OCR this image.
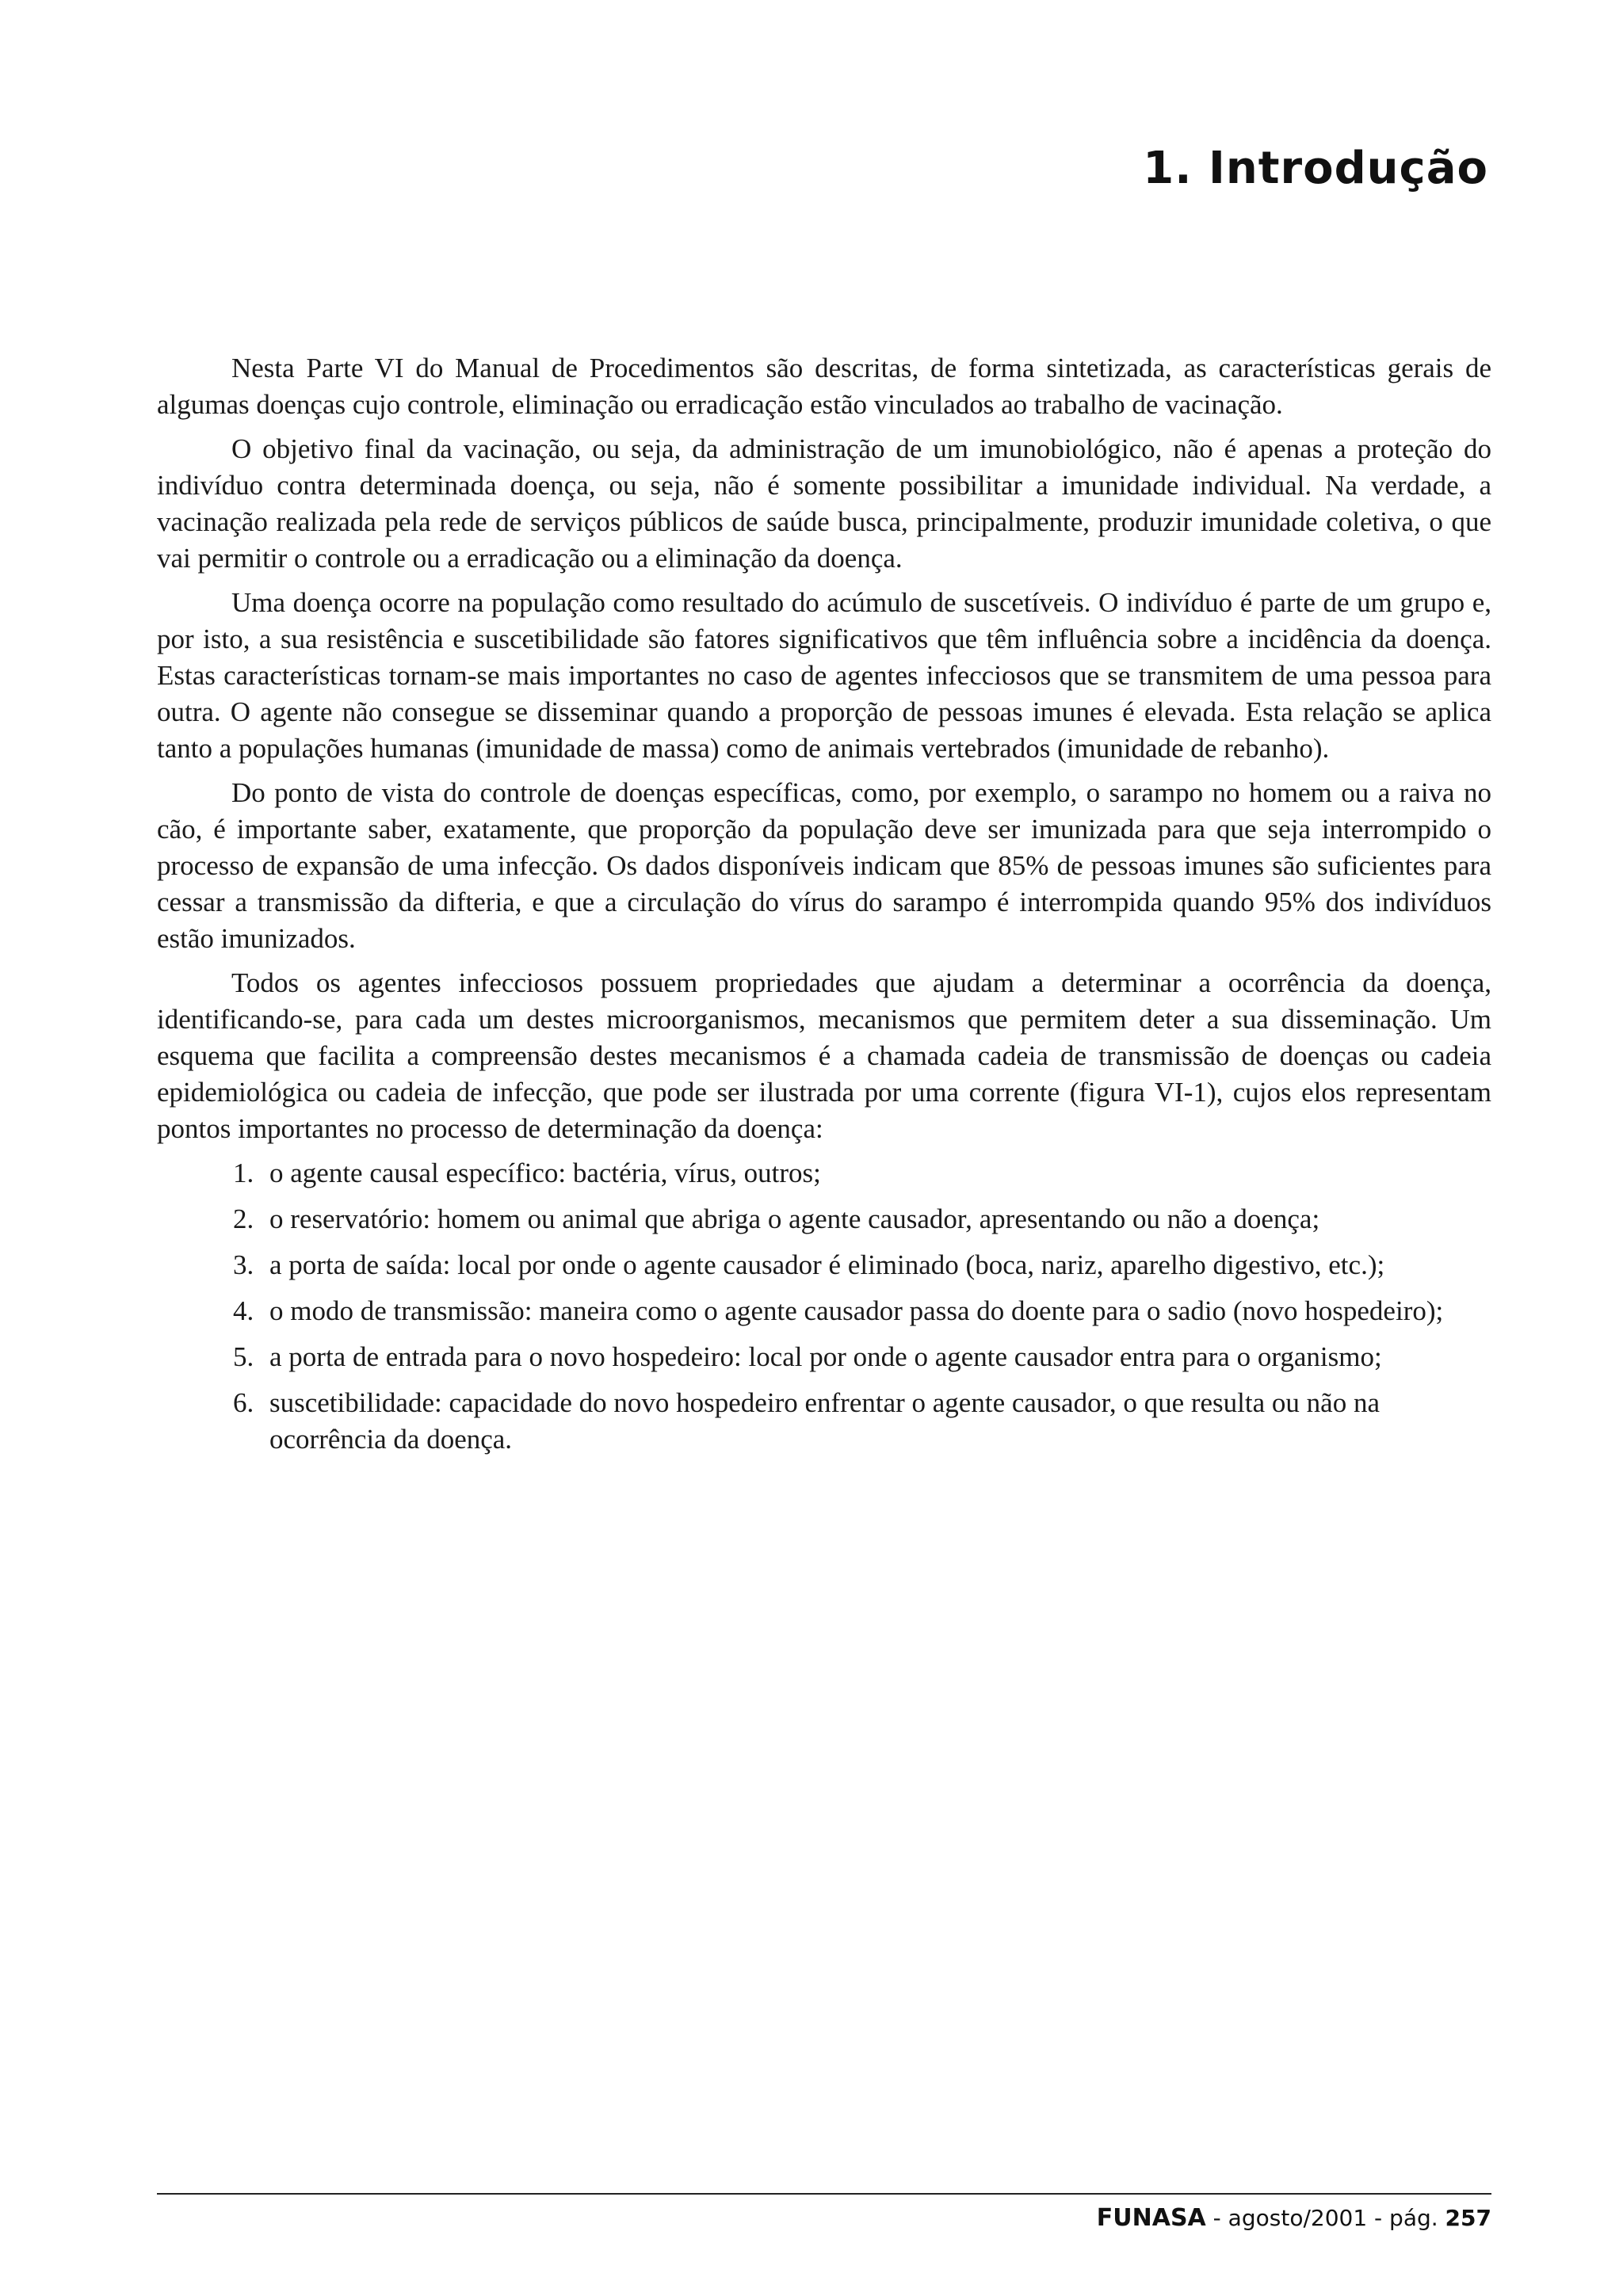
1. Introdução

Nesta Parte VI do Manual de Procedimentos são descritas, de forma sintetizada, as características gerais de algumas doenças cujo controle, eliminação ou erradicação estão vinculados ao trabalho de vacinação.

O objetivo final da vacinação, ou seja, da administração de um imunobiológico, não é apenas a proteção do indivíduo contra determinada doença, ou seja, não é somente possibilitar a imunidade individual. Na verdade, a vacinação realizada pela rede de serviços públicos de saúde busca, principalmente, produzir imunidade coletiva, o que vai permitir o controle ou a erradicação ou a eliminação da doença.

Uma doença ocorre na população como resultado do acúmulo de suscetíveis. O indivíduo é parte de um grupo e, por isto, a sua resistência e suscetibilidade são fatores significativos que têm influência sobre a incidência da doença. Estas características tornam-se mais importantes no caso de agentes infecciosos que se transmitem de uma pessoa para outra. O agente não consegue se disseminar quando a proporção de pessoas imunes é elevada. Esta relação se aplica tanto a populações humanas (imunidade de massa) como de animais vertebrados (imunidade de rebanho).

Do ponto de vista do controle de doenças específicas, como, por exemplo, o sarampo no homem ou a raiva no cão, é importante saber, exatamente, que proporção da população deve ser imunizada para que seja interrompido o processo de expansão de uma infecção. Os dados disponíveis indicam que 85% de pessoas imunes são suficientes para cessar a transmissão da difteria, e que a circulação do vírus do sarampo é interrompida quando 95% dos indivíduos estão imunizados.

Todos os agentes infecciosos possuem propriedades que ajudam a determinar a ocorrência da doença, identificando-se, para cada um destes microorganismos, mecanismos que permitem deter a sua disseminação. Um esquema que facilita a compreensão destes mecanismos é a chamada cadeia de transmissão de doenças ou cadeia epidemiológica ou cadeia de infecção, que pode ser ilustrada por uma corrente (figura VI-1), cujos elos representam pontos importantes no processo de determinação da doença:

1. o agente causal específico: bactéria, vírus, outros;
2. o reservatório: homem ou animal que abriga o agente causador, apresentando ou não a doença;
3. a porta de saída: local por onde o agente causador é eliminado (boca, nariz, aparelho digestivo, etc.);
4. o modo de transmissão: maneira como o agente causador passa do doente para o sadio (novo hospedeiro);
5. a porta de entrada para o novo hospedeiro: local por onde o agente causador entra para o organismo;
6. suscetibilidade: capacidade do novo hospedeiro enfrentar o agente causador, o que resulta ou não na ocorrência da doença.
FUNASA - agosto/2001 - pág. 257
